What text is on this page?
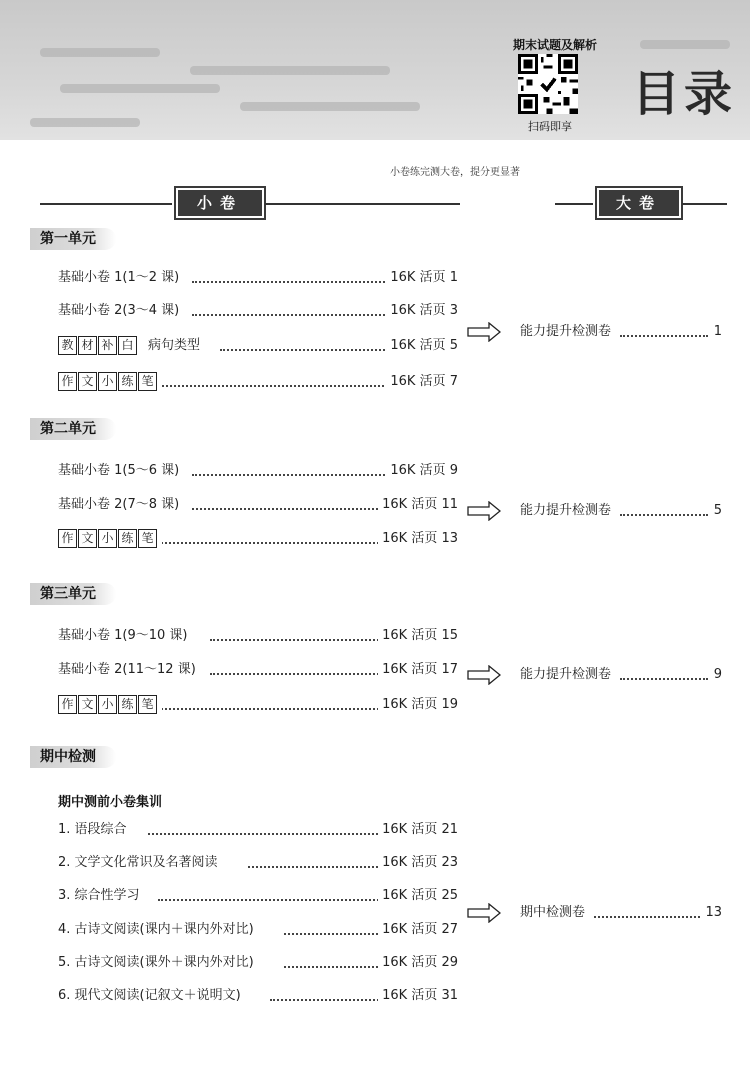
期末试题及解析
扫码即享
目录
小卷练完测大卷，提分更显著
小卷	大卷
第一单元
基础小卷 1(1～2 课)	16K 活页 1
基础小卷 2(3～4 课)	16K 活页 3
教 材 补 白 病句类型	16K 活页 5
作 文 小 练 笔	16K 活页 7
能力提升检测卷	1
第二单元
基础小卷 1(5～6 课)	16K 活页 9
基础小卷 2(7～8 课)	16K 活页 11
作 文 小 练 笔	16K 活页 13
能力提升检测卷	5
第三单元
基础小卷 1(9～10 课)	16K 活页 15
基础小卷 2(11～12 课)	16K 活页 17
作 文 小 练 笔	16K 活页 19
能力提升检测卷	9
期中检测
期中测前小卷集训
1. 语段综合	16K 活页 21
2. 文学文化常识及名著阅读	16K 活页 23
3. 综合性学习	16K 活页 25
4. 古诗文阅读(课内＋课内外对比)	16K 活页 27
5. 古诗文阅读(课外＋课内外对比)	16K 活页 29
6. 现代文阅读(记叙文＋说明文)	16K 活页 31
期中检测卷	13
